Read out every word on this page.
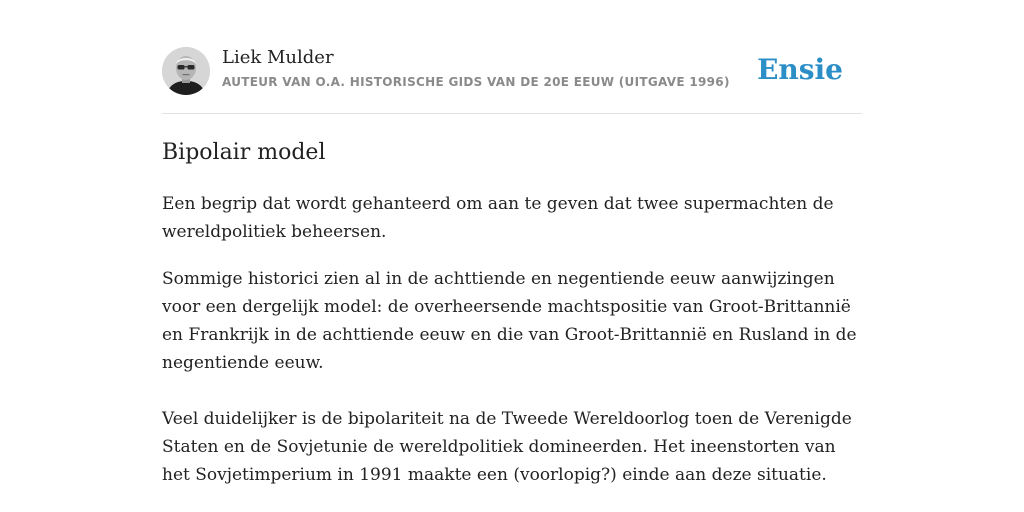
Liek Mulder
AUTEUR VAN O.A. HISTORISCHE GIDS VAN DE 20E EEUW (UITGAVE 1996) Ensie
Bipolair model

Een begrip dat wordt gehanteerd om aan te geven dat twee supermachten de wereldpolitiek beheersen.

Sommige historici zien al in de achttiende en negentiende eeuw aanwijzingen voor een dergelijk model: de overheersende machtspositie van Groot-Brittannië en Frankrijk in de achttiende eeuw en die van Groot-Brittannië en Rusland in de negentiende eeuw.

Veel duidelijker is de bipolariteit na de Tweede Wereldoorlog toen de Verenigde Staten en de Sovjetunie de wereldpolitiek domineerden. Het ineenstorten van het Sovjetimperium in 1991 maakte een (voorlopig?) einde aan deze situatie.
